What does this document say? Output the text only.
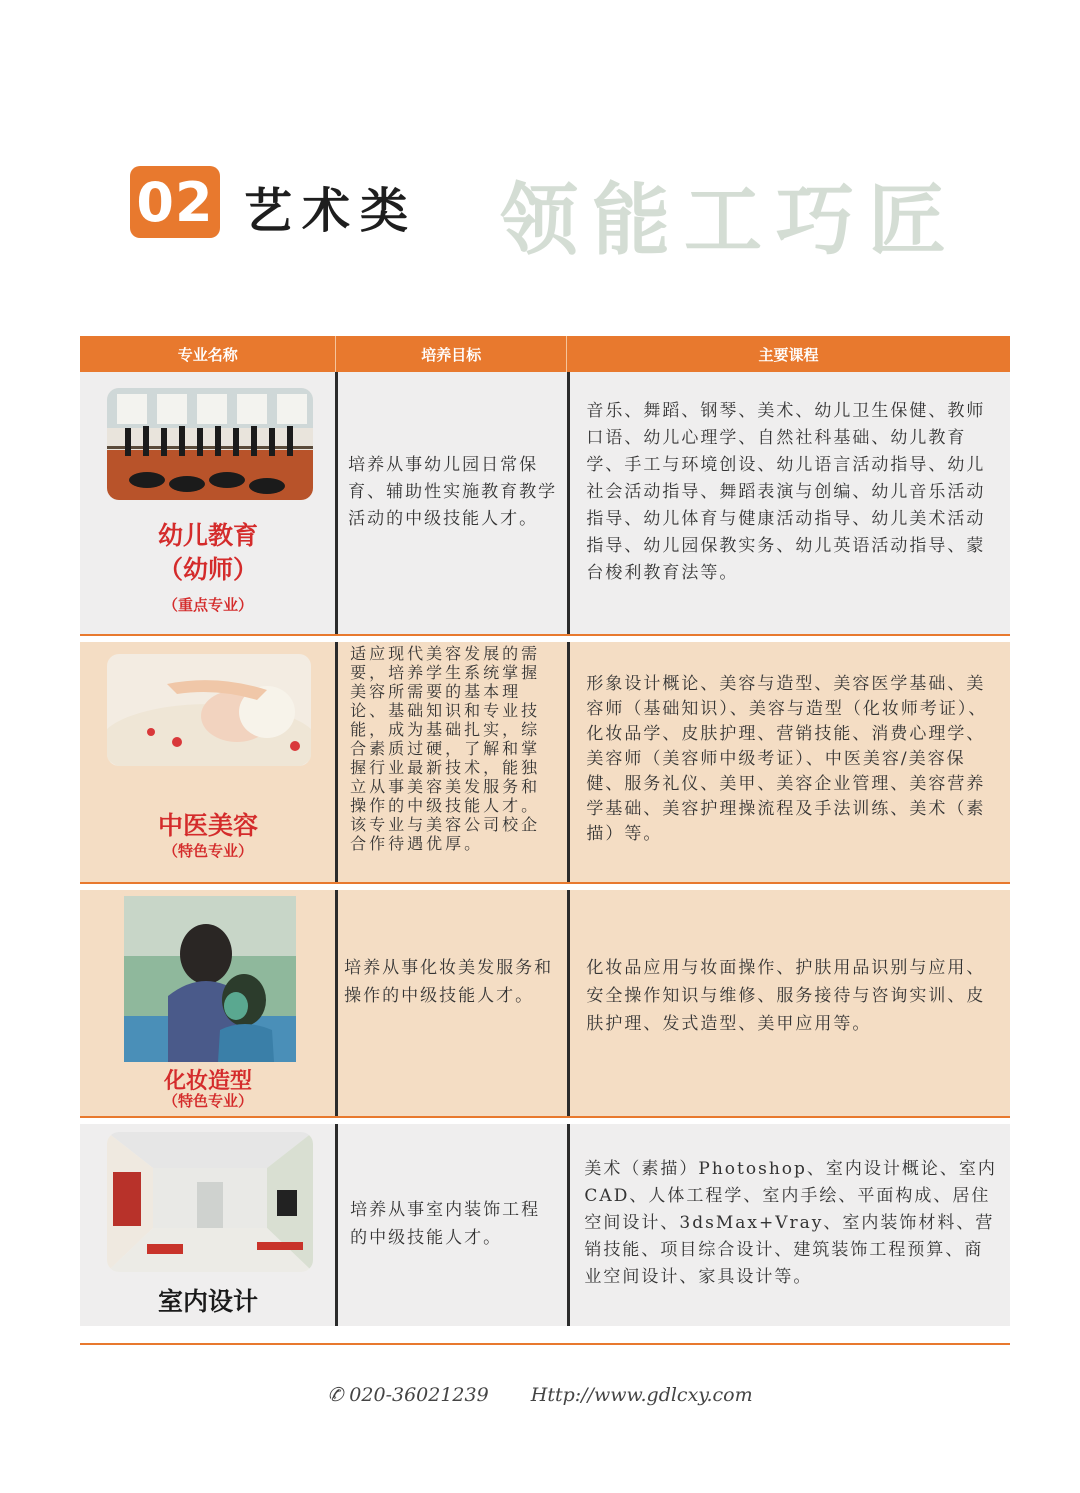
02 艺术类 领能工巧匠
专业名称	培养目标	主要课程
幼儿教育
（幼师）
（重点专业）
培养从事幼儿园日常保育、辅助性实施教育教学活动的中级技能人才。
音乐、舞蹈、钢琴、美术、幼儿卫生保健、教师口语、幼儿心理学、自然社科基础、幼儿教育学、手工与环境创设、幼儿语言活动指导、幼儿社会活动指导、舞蹈表演与创编、幼儿音乐活动指导、幼儿体育与健康活动指导、幼儿美术活动指导、幼儿园保教实务、幼儿英语活动指导、蒙台梭利教育法等。
中医美容
（特色专业）
适应现代美容发展的需要，培养学生系统掌握美容所需要的基本理论、基础知识和专业技能，成为基础扎实，综合素质过硬，了解和掌握行业最新技术，能独立从事美容美发服务和操作的中级技能人才。该专业与美容公司校企合作待遇优厚。
形象设计概论、美容与造型、美容医学基础、美容师（基础知识）、美容与造型（化妆师考证）、化妆品学、皮肤护理、营销技能、消费心理学、美容师（美容师中级考证）、中医美容/美容保健、服务礼仪、美甲、美容企业管理、美容营养学基础、美容护理操流程及手法训练、美术（素描）等。
化妆造型
（特色专业）
培养从事化妆美发服务和操作的中级技能人才。
化妆品应用与妆面操作、护肤用品识别与应用、安全操作知识与维修、服务接待与咨询实训、皮肤护理、发式造型、美甲应用等。
室内设计
培养从事室内装饰工程的中级技能人才。
美术（素描）Photoshop、室内设计概论、室内CAD、人体工程学、室内手绘、平面构成、居住空间设计、3dsMax+Vray、室内装饰材料、营销技能、项目综合设计、建筑装饰工程预算、商业空间设计、家具设计等。
✆ 020-36021239 Http://www.gdlcxy.com
